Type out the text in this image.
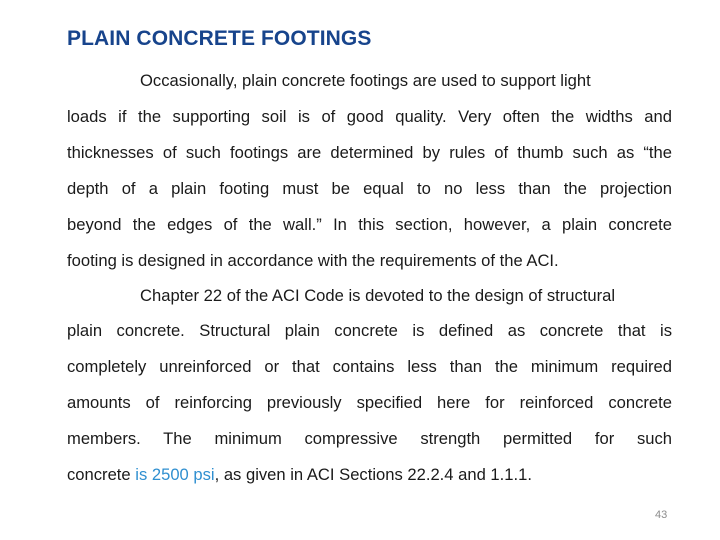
PLAIN CONCRETE FOOTINGS
Occasionally, plain concrete footings are used to support light
loads if the supporting soil is of good quality. Very often the widths and
thicknesses of such footings are determined by rules of thumb such as “the
depth of a plain footing must be equal to no less than the projection
beyond the edges of the wall.” In this section, however, a plain concrete
footing is designed in accordance with the requirements of the ACI.
Chapter 22 of the ACI Code is devoted to the design of structural
plain concrete. Structural plain concrete is defined as concrete that is
completely unreinforced or that contains less than the minimum required
amounts of reinforcing previously specified here for reinforced concrete
members. The minimum compressive strength permitted for such
concrete is 2500 psi, as given in ACI Sections 22.2.4 and 1.1.1.
43
